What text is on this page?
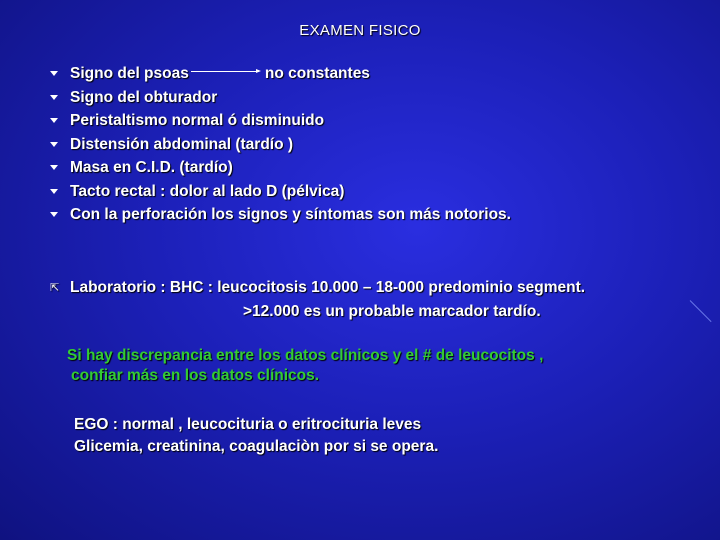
EXAMEN FISICO
Signo del psoas	no constantes
Signo del obturador
Peristaltismo normal ó disminuido
Distensión abdominal (tardío )
Masa en C.I.D. (tardío)
Tacto rectal : dolor al lado D (pélvica)
Con la perforación los signos y síntomas son más notorios.
⇱ Laboratorio : BHC : leucocitosis 10.000 – 18-000 predominio segment.
>12.000 es un probable marcador tardío.
Si hay discrepancia entre los datos clínicos y el # de leucocitos ,
confiar más en los datos clínicos.
EGO : normal , leucocituria o eritrocituria leves
Glicemia, creatinina, coagulaciòn por si se opera.
